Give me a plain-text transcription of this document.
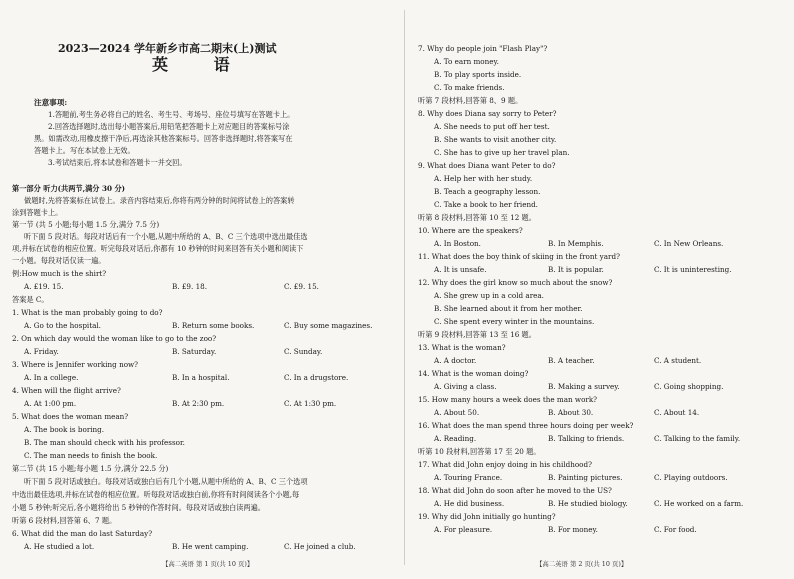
2023—2024 学年新乡市高二期末(上)测试
英 语
注意事项:
1.答题前,考生务必将自己的姓名、考生号、考场号、座位号填写在答题卡上。
2.回答选择题时,选出每小题答案后,用铅笔把答题卡上对应题目的答案标号涂
黑。如需改动,用橡皮擦干净后,再选涂其他答案标号。回答非选择题时,将答案写在
答题卡上。写在本试卷上无效。
3.考试结束后,将本试卷和答题卡一并交回。
第一部分 听力(共两节,满分 30 分)
做题时,先将答案标在试卷上。录音内容结束后,你将有两分钟的时间将试卷上的答案转
涂到答题卡上。
第一节 (共 5 小题;每小题 1.5 分,满分 7.5 分)
听下面 5 段对话。每段对话后有一个小题,从题中所给的 A、B、C 三个选项中选出最佳选
项,并标在试卷的相应位置。听完每段对话后,你都有 10 秒钟的时间来回答有关小题和阅读下
一小题。每段对话仅读一遍。
例:How much is the shirt?
A. £19. 15.	B. £9. 18.	C. £9. 15.
答案是 C。
1. What is the man probably going to do?
A. Go to the hospital.	B. Return some books.	C. Buy some magazines.
2. On which day would the woman like to go to the zoo?
A. Friday.	B. Saturday.	C. Sunday.
3. Where is Jennifer working now?
A. In a college.	B. In a hospital.	C. In a drugstore.
4. When will the flight arrive?
A. At 1:00 pm.	B. At 2:30 pm.	C. At 1:30 pm.
5. What does the woman mean?
A. The book is boring.
B. The man should check with his professor.
C. The man needs to finish the book.
第二节 (共 15 小题;每小题 1.5 分,满分 22.5 分)
听下面 5 段对话或独白。每段对话或独白后有几个小题,从题中所给的 A、B、C 三个选项
中选出最佳选项,并标在试卷的相应位置。听每段对话或独白前,你将有时间阅读各个小题,每
小题 5 秒钟;听完后,各小题将给出 5 秒钟的作答时间。每段对话或独白读两遍。
听第 6 段材料,回答第 6、7 题。
6. What did the man do last Saturday?
A. He studied a lot.	B. He went camping.	C. He joined a club.
7. Why do people join "Flash Play"?
A. To earn money.
B. To play sports inside.
C. To make friends.
听第 7 段材料,回答第 8、9 题。
8. Why does Diana say sorry to Peter?
A. She needs to put off her test.
B. She wants to visit another city.
C. She has to give up her travel plan.
9. What does Diana want Peter to do?
A. Help her with her study.
B. Teach a geography lesson.
C. Take a book to her friend.
听第 8 段材料,回答第 10 至 12 题。
10. Where are the speakers?
A. In Boston.	B. In Memphis.	C. In New Orleans.
11. What does the boy think of skiing in the front yard?
A. It is unsafe.	B. It is popular.	C. It is uninteresting.
12. Why does the girl know so much about the snow?
A. She grew up in a cold area.
B. She learned about it from her mother.
C. She spent every winter in the mountains.
听第 9 段材料,回答第 13 至 16 题。
13. What is the woman?
A. A doctor.	B. A teacher.	C. A student.
14. What is the woman doing?
A. Giving a class.	B. Making a survey.	C. Going shopping.
15. How many hours a week does the man work?
A. About 50.	B. About 30.	C. About 14.
16. What does the man spend three hours doing per week?
A. Reading.	B. Talking to friends.	C. Talking to the family.
听第 10 段材料,回答第 17 至 20 题。
17. What did John enjoy doing in his childhood?
A. Touring France.	B. Painting pictures.	C. Playing outdoors.
18. What did John do soon after he moved to the US?
A. He did business.	B. He studied biology.	C. He worked on a farm.
19. Why did John initially go hunting?
A. For pleasure.	B. For money.	C. For food.
【高二英语 第 1 页(共 10 页)】	【高二英语 第 2 页(共 10 页)】
